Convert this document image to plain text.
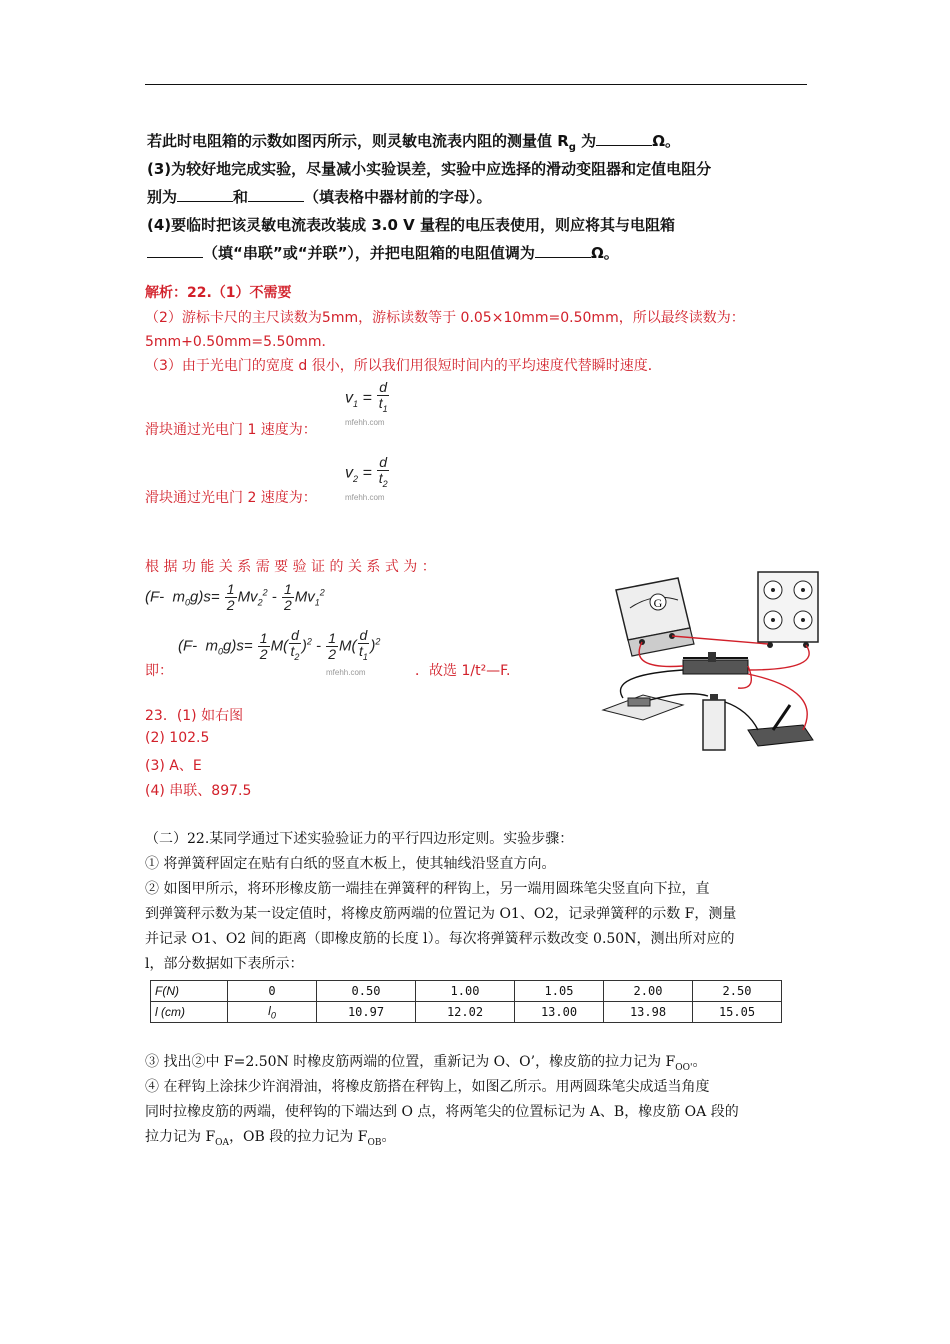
若此时电阻箱的示数如图丙所示，则灵敏电流表内阻的测量值 $R_g$ 为	Ω。
(3)为较好地完成实验，尽量减小实验误差，实验中应选择的滑动变阻器和定值电阻分
别为	和	（填表格中器材前的字母）。
(4)要临时把该灵敏电流表改装成 3.0 V 量程的电压表使用，则应将其与电阻箱
（填“串联”或“并联”），并把电阻箱的电阻值调为	Ω。
解析：22.（1）不需要
（2）游标卡尺的主尺读数为5mm，游标读数等于 0.05×10mm=0.50mm，所以最终读数为：
5mm+0.50mm=5.50mm．
（3）由于光电门的宽度 d 很小，所以我们用很短时间内的平均速度代替瞬时速度．
$v_1 = \frac{d}{t_1}$
mfehh.com
滑块通过光电门 1 速度为：
$v_2 = \frac{d}{t_2}$
mfehh.com
滑块通过光电门 2 速度为：
根 据 功 能 关 系 需 要 验 证 的 关 系 式 为 ：
(F-  $m_0g)s= \frac{1}{2} Mv_2^2 - \frac{1}{2} Mv_1^2$
(F-  $m_0g)s= \frac{1}{2} M( \frac{d}{t_2} )^2 - \frac{1}{2} M( \frac{d}{t_1} )^2$
mfehh.com
即：	．故选 1/t²—F.
23．(1) 如右图
(2) 102.5
(3) A、E
(4) 串联、897.5
G
（二）22.某同学通过下述实验验证力的平行四边形定则。实验步骤：
① 将弹簧秤固定在贴有白纸的竖直木板上，使其轴线沿竖直方向。
② 如图甲所示，将环形橡皮筋一端挂在弹簧秤的秤钩上，另一端用圆珠笔尖竖直向下拉，直
到弹簧秤示数为某一设定值时，将橡皮筋两端的位置记为 O1、O2，记录弹簧秤的示数 F，测量
并记录 O1、O2 间的距离（即橡皮筋的长度 l）。每次将弹簧秤示数改变 0.50N，测出所对应的
l，部分数据如下表所示：
F(N)	0	0.50	1.00	1.05	2.00	2.50
l (cm)	$l_0$	10.97	12.02	13.00	13.98	15.05
③ 找出②中 F=2.50N 时橡皮筋两端的位置，重新记为 O、O’，橡皮筋的拉力记为 $F_{OO'}$。
④ 在秤钩上涂抹少许润滑油，将橡皮筋搭在秤钩上，如图乙所示。用两圆珠笔尖成适当角度
同时拉橡皮筋的两端，使秤钩的下端达到 O 点，将两笔尖的位置标记为 A、B，橡皮筋 OA 段的
拉力记为 $F_{OA}$，OB 段的拉力记为 $F_{OB}$。
